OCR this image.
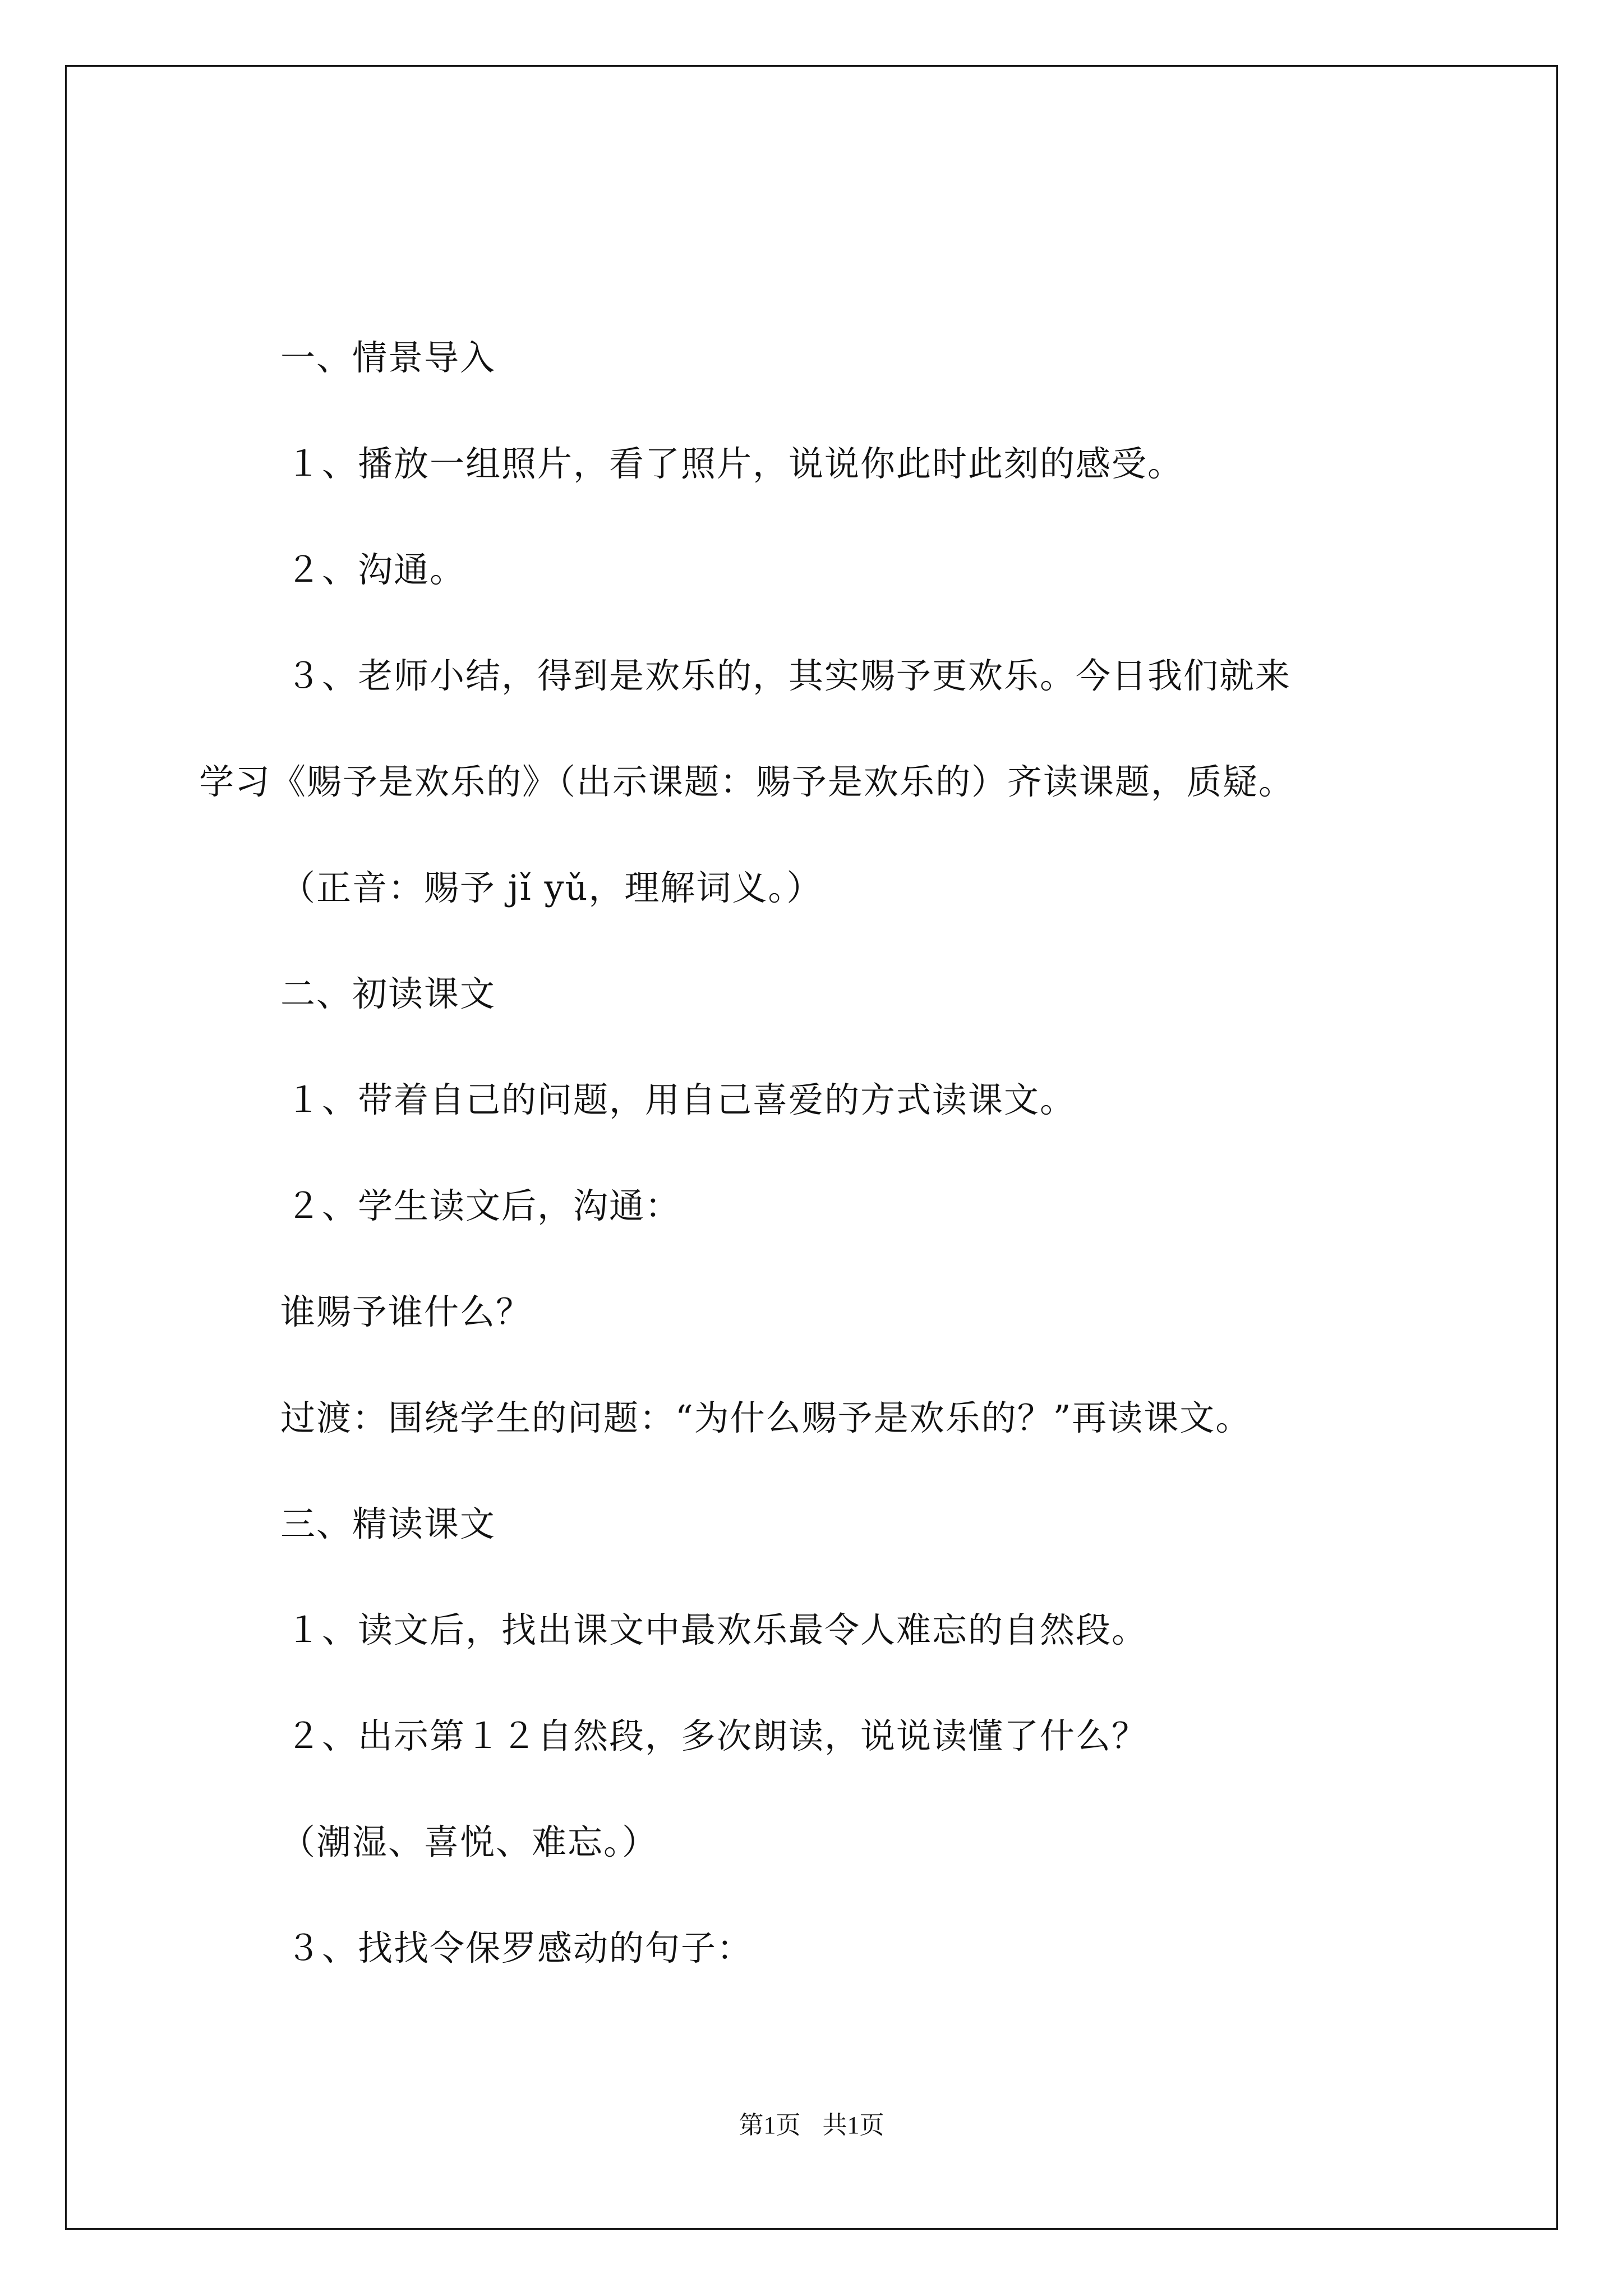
一、情景导入
１、播放一组照片，看了照片，说说你此时此刻的感受。
２、沟通。
３、老师小结，得到是欢乐的，其实赐予更欢乐。今日我们就来
学习《赐予是欢乐的》（出示课题：赐予是欢乐的）齐读课题，质疑。
（正音：赐予 jǐ yǔ，理解词义。）
二、初读课文
１、带着自己的问题，用自己喜爱的方式读课文。
２、学生读文后，沟通：
谁赐予谁什么？
过渡：围绕学生的问题：“为什么赐予是欢乐的？”再读课文。
三、精读课文
１、读文后，找出课文中最欢乐最令人难忘的自然段。
２、出示第１２自然段，多次朗读，说说读懂了什么？
（潮湿、喜悦、难忘。）
３、找找令保罗感动的句子：
第1页 共1页
